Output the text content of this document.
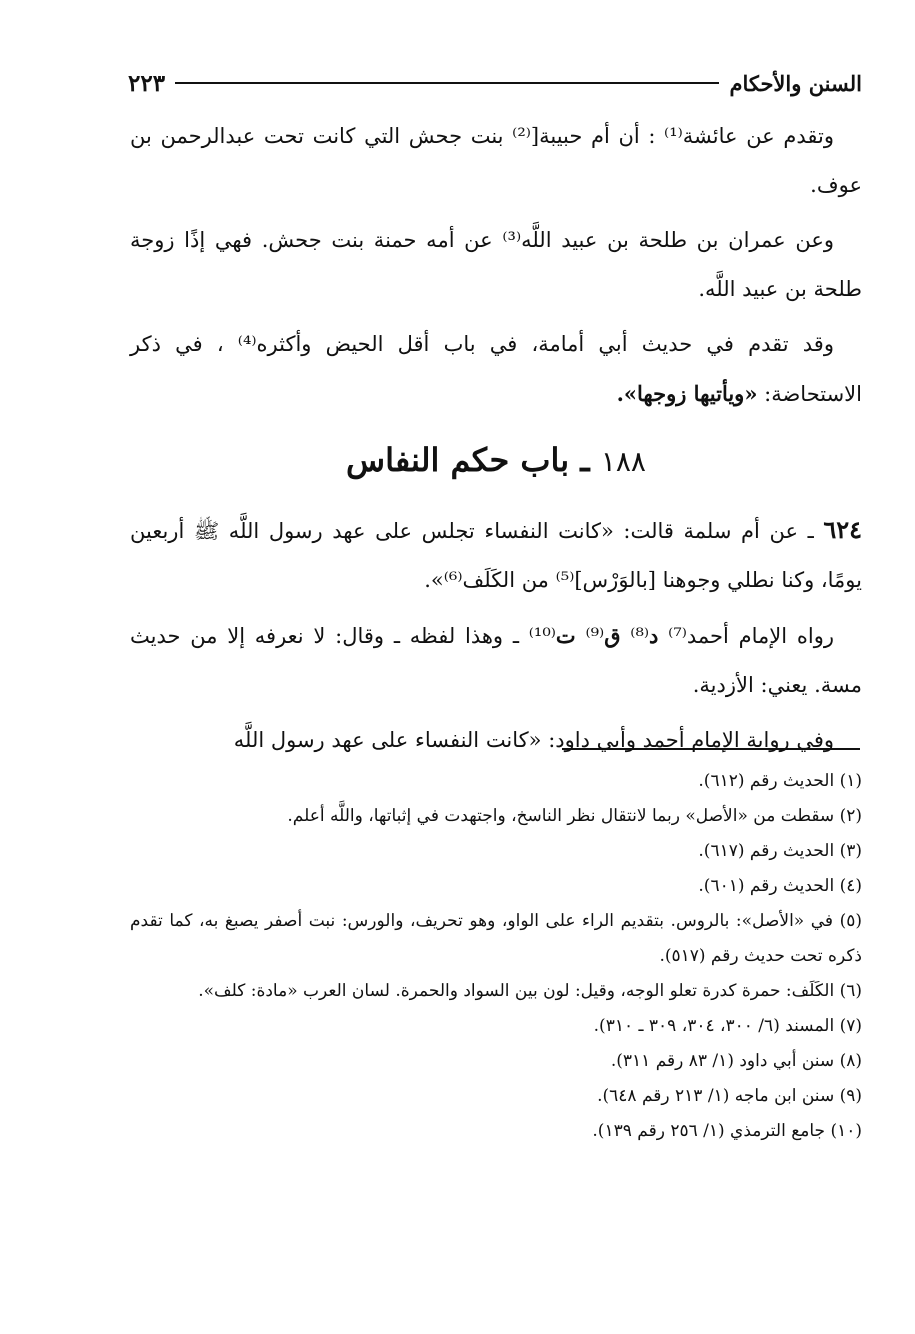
السنن والأحكام
٢٢٣

وتقدم عن عائشة⁽¹⁾ : أن أم حبيبة[⁽²⁾ بنت جحش التي كانت تحت عبدالرحمن بن عوف.

وعن عمران بن طلحة بن عبيد اللَّه⁽³⁾ عن أمه حمنة بنت جحش. فهي إذًا زوجة طلحة بن عبيد اللَّه.

وقد تقدم في حديث أبي أمامة، في باب أقل الحيض وأكثره⁽⁴⁾ ، في ذكر الاستحاضة: «ويأتيها زوجها».

١٨٨ ـ باب حكم النفاس

٦٢٤ ـ عن أم سلمة قالت: «كانت النفساء تجلس على عهد رسول اللَّه ﷺ أربعين يومًا، وكنا نطلي وجوهنا [بالوَرْس]⁽⁵⁾ من الكَلَف⁽⁶⁾».

رواه الإمام أحمد⁽⁷⁾ د⁽⁸⁾ ق⁽⁹⁾ ت⁽¹⁰⁾ ـ وهذا لفظه ـ وقال: لا نعرفه إلا من حديث مسة. يعني: الأزدية.

وفي رواية الإمام أحمد وأبي داود: «كانت النفساء على عهد رسول اللَّه

(١) الحديث رقم (٦١٢).

(٢) سقطت من «الأصل» ربما لانتقال نظر الناسخ، واجتهدت في إثباتها، واللَّه أعلم.

(٣) الحديث رقم (٦١٧).

(٤) الحديث رقم (٦٠١).

(٥) في «الأصل»: بالروس. بتقديم الراء على الواو، وهو تحريف، والورس: نبت أصفر يصبغ به، كما تقدم ذكره تحت حديث رقم (٥١٧).

(٦) الكَلَف: حمرة كدرة تعلو الوجه، وقيل: لون بين السواد والحمرة. لسان العرب «مادة: كلف».

(٧) المسند (٦/ ٣٠٠، ٣٠٤، ٣٠٩ ـ ٣١٠).

(٨) سنن أبي داود (١/ ٨٣ رقم ٣١١).

(٩) سنن ابن ماجه (١/ ٢١٣ رقم ٦٤٨).

(١٠) جامع الترمذي (١/ ٢٥٦ رقم ١٣٩).
